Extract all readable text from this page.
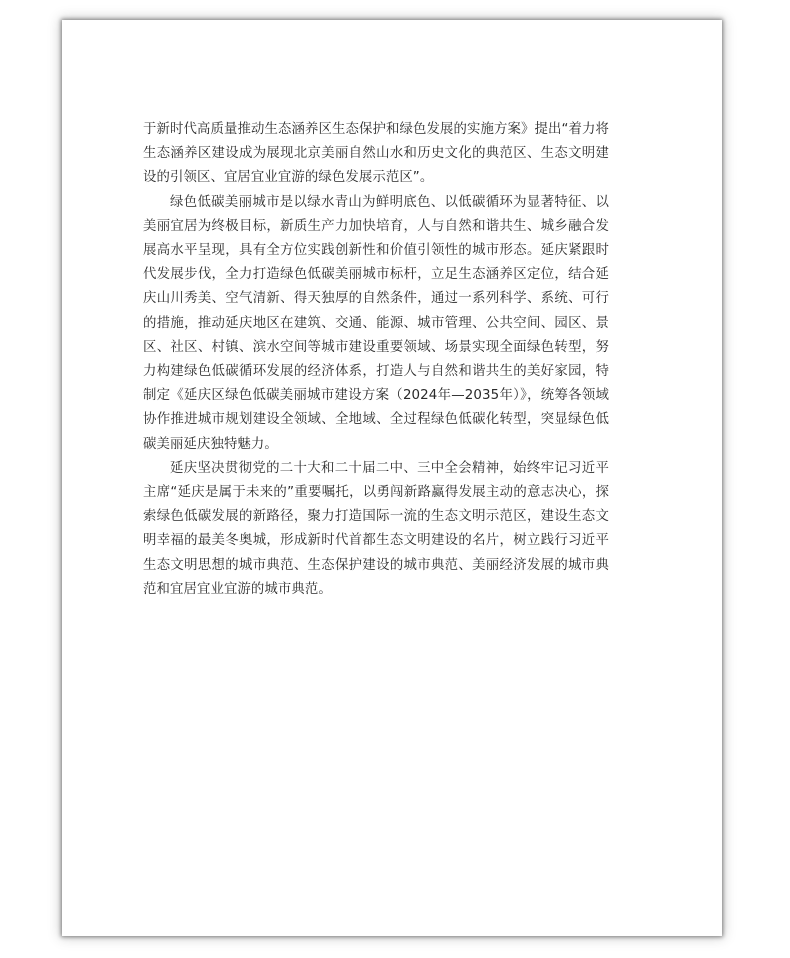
于新时代高质量推动生态涵养区生态保护和绿色发展的实施方案》提出“着力将生态涵养区建设成为展现北京美丽自然山水和历史文化的典范区、生态文明建设的引领区、宜居宜业宜游的绿色发展示范区”。

绿色低碳美丽城市是以绿水青山为鲜明底色、以低碳循环为显著特征、以美丽宜居为终极目标，新质生产力加快培育，人与自然和谐共生、城乡融合发展高水平呈现，具有全方位实践创新性和价值引领性的城市形态。延庆紧跟时代发展步伐，全力打造绿色低碳美丽城市标杆，立足生态涵养区定位，结合延庆山川秀美、空气清新、得天独厚的自然条件，通过一系列科学、系统、可行的措施，推动延庆地区在建筑、交通、能源、城市管理、公共空间、园区、景区、社区、村镇、滨水空间等城市建设重要领域、场景实现全面绿色转型，努力构建绿色低碳循环发展的经济体系，打造人与自然和谐共生的美好家园，特制定《延庆区绿色低碳美丽城市建设方案（2024年—2035年）》，统筹各领域协作推进城市规划建设全领域、全地域、全过程绿色低碳化转型，突显绿色低碳美丽延庆独特魅力。

延庆坚决贯彻党的二十大和二十届二中、三中全会精神，始终牢记习近平主席“延庆是属于未来的”重要嘱托，以勇闯新路赢得发展主动的意志决心，探索绿色低碳发展的新路径，聚力打造国际一流的生态文明示范区，建设生态文明幸福的最美冬奥城，形成新时代首都生态文明建设的名片，树立践行习近平生态文明思想的城市典范、生态保护建设的城市典范、美丽经济发展的城市典范和宜居宜业宜游的城市典范。
